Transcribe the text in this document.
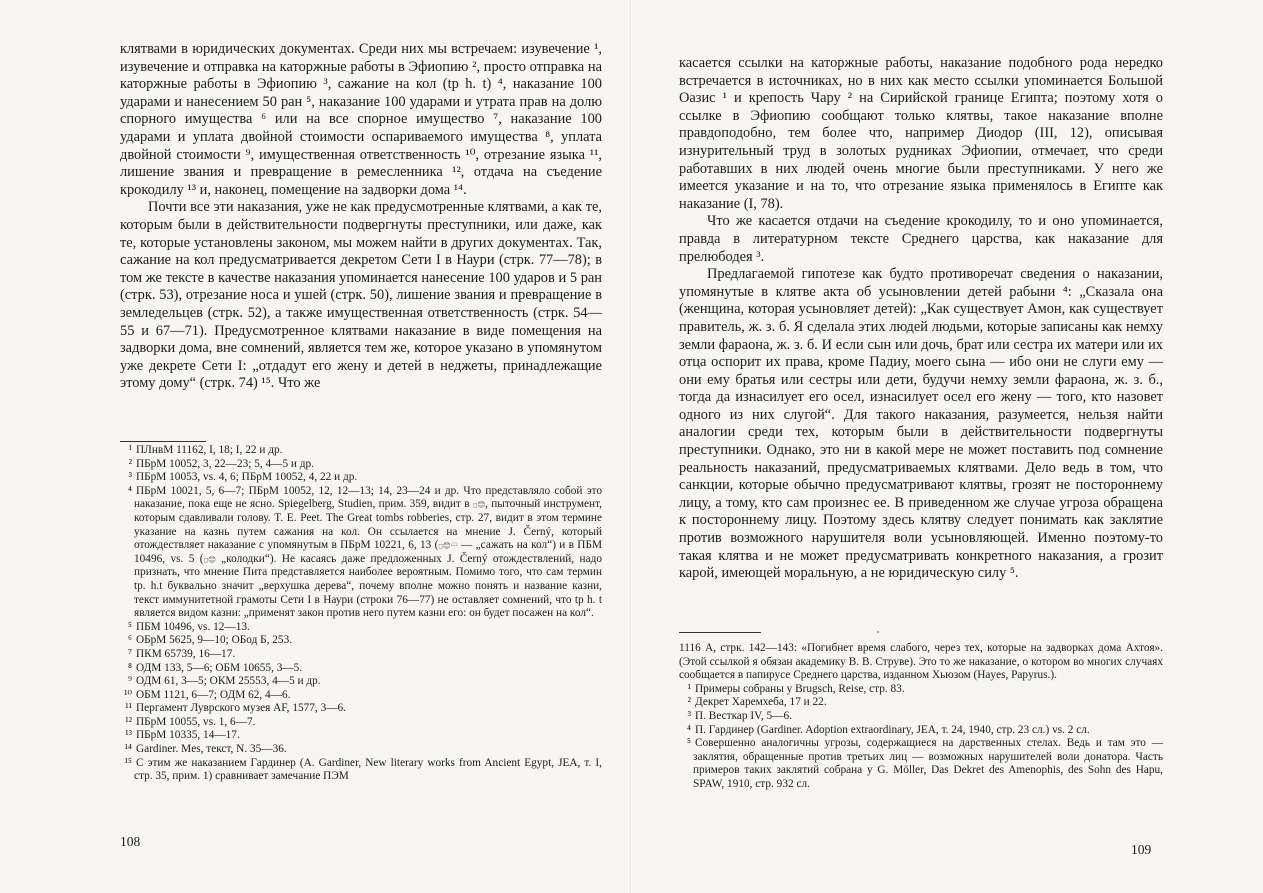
клятвами в юридических документах. Среди них мы встречаем: изувечение ¹, изувечение и отправка на каторжные работы в Эфиопию ², просто отправка на каторжные работы в Эфиопию ³, сажание на кол (tp h. t) ⁴, наказание 100 ударами и нанесением 50 ран ⁵, наказание 100 ударами и утрата прав на долю спорного имущества ⁶ или на все спорное имущество ⁷, наказание 100 ударами и уплата двойной стоимости оспариваемого имущества ⁸, уплата двойной стоимости ⁹, имущественная ответственность ¹⁰, отрезание языка ¹¹, лишение звания и превращение в ремесленника ¹², отдача на съедение крокодилу ¹³ и, наконец, помещение на задворки дома ¹⁴.

Почти все эти наказания, уже не как предусмотренные клятвами, а как те, которым были в действительности подвергнуты преступники, или даже, как те, которые установлены законом, мы можем найти в других документах. Так, сажание на кол предусматривается декретом Сети I в Наури (стрк. 77—78); в том же тексте в качестве наказания упоминается нанесение 100 ударов и 5 ран (стрк. 53), отрезание носа и ушей (стрк. 50), лишение звания и превращение в земледельцев (стрк. 52), а также имущественная ответственность (стрк. 54—55 и 67—71). Предусмотренное клятвами наказание в виде помещения на задворки дома, вне сомнений, является тем же, которое указано в упомянутом уже декрете Сети I: „отдадут его жену и детей в неджеты, принадлежащие этому дому“ (стрк. 74) ¹⁵. Что же

¹ ПЛнвМ 11162, I, 18; I, 22 и др.

² ПБрМ 10052, 3, 22—23; 5, 4—5 и др.

³ ПБрМ 10053, vs. 4, 6; ПБрМ 10052, 4, 22 и др.

⁴ ПБрМ 10021, 5, 6—7; ПБрМ 10052, 12, 12—13; 14, 23—24 и др. Что представляло собой это наказание, пока еще не ясно. Spiegelberg, Studien, прим. 359, видит в 𓊪𓐍, пыточный инструмент, которым сдавливали голову. T. E. Peet. The Great tombs robberies, стр. 27, видит в этом термине указание на казнь путем сажания на кол. Он ссылается на мнение J. Černý, который отождествляет наказание с упомянутым в ПБрМ 10221, 6, 13 (𓊪𓐍𓏏 — „сажать на кол“) и в ПБМ 10496, vs. 5 (𓊪𓐍 „колодки“). Не касаясь даже предложенных J. Černý отождествлений, надо признать, что мнение Пита представляется наиболее вероятным. Помимо того, что сам термин tp. h.t буквально значит „верхушка дерева“, почему вполне можно понять и название казни, текст иммунитетной грамоты Сети I в Наури (строки 76—77) не оставляет сомнений, что tp h. t является видом казни: „применят закон против него путем казни его: он будет посажен на кол“.

⁵ ПБМ 10496, vs. 12—13.

⁶ ОБрМ 5625, 9—10; ОБод Б, 253.

⁷ ПКМ 65739, 16—17.

⁸ ОДМ 133, 5—6; ОБМ 10655, 3—5.

⁹ ОДМ 61, 3—5; ОКМ 25553, 4—5 и др.

¹⁰ ОБМ 1121, 6—7; ОДМ 62, 4—6.

¹¹ Пергамент Луврского музея AF, 1577, 3—6.

¹² ПБрМ 10055, vs. 1, 6—7.

¹³ ПБрМ 10335, 14—17.

¹⁴ Gardiner. Mes, текст, N. 35—36.

¹⁵ С этим же наказанием Гардинер (A. Gardiner, New literary works from Ancient Egypt, JEA, т. I, стр. 35, прим. 1) сравнивает замечание ПЭМ

108

касается ссылки на каторжные работы, наказание подобного рода нередко встречается в источниках, но в них как место ссылки упоминается Большой Оазис ¹ и крепость Чару ² на Сирийской границе Египта; поэтому хотя о ссылке в Эфиопию сообщают только клятвы, такое наказание вполне правдоподобно, тем более что, например Диодор (III, 12), описывая изнурительный труд в золотых рудниках Эфиопии, отмечает, что среди работавших в них людей очень многие были преступниками. У него же имеется указание и на то, что отрезание языка применялось в Египте как наказание (I, 78).

Что же касается отдачи на съедение крокодилу, то и оно упоминается, правда в литературном тексте Среднего царства, как наказание для прелюбодея ³.

Предлагаемой гипотезе как будто противоречат сведения о наказании, упомянутые в клятве акта об усыновлении детей рабыни ⁴: „Сказала она (женщина, которая усыновляет детей): „Как существует Амон, как существует правитель, ж. з. б. Я сделала этих людей людьми, которые записаны как немху земли фараона, ж. з. б. И если сын или дочь, брат или сестра их матери или их отца оспорит их права, кроме Падиу, моего сына — ибо они не слуги ему — они ему братья или сестры или дети, будучи немху земли фараона, ж. з. б., тогда да изнасилует его осел, изнасилует осел его жену — того, кто назовет одного из них слугой“. Для такого наказания, разумеется, нельзя найти аналогии среди тех, которым были в действительности подвергнуты преступники. Однако, это ни в какой мере не может поставить под сомнение реальность наказаний, предусматриваемых клятвами. Дело ведь в том, что санкции, которые обычно предусматривают клятвы, грозят не постороннему лицу, а тому, кто сам произнес ее. В приведенном же случае угроза обращена к постороннему лицу. Поэтому здесь клятву следует понимать как заклятие против возможного нарушителя воли усыновляющей. Именно поэтому-то такая клятва и не может предусматривать конкретного наказания, а грозит карой, имеющей моральную, а не юридическую силу ⁵.

1116 А, стрк. 142—143: «Погибнет время слабого, через тех, которые на задворках дома Ахтоя». (Этой ссылкой я обязан академику В. В. Струве). Это то же наказание, о котором во многих случаях сообщается в папирусе Среднего царства, изданном Хьюзом (Hayes, Papyrus.).

¹ Примеры собраны у Brugsch, Reise, стр. 83.

² Декрет Харемхеба, 17 и 22.

³ П. Весткар IV, 5—6.

⁴ П. Гардинер (Gardiner. Adoption extraordinary, JEA, т. 24, 1940, стр. 23 сл.) vs. 2 сл.

⁵ Совершенно аналогичны угрозы, содержащиеся на дарственных стелах. Ведь и там это — заклятия, обращенные против третьих лиц — возможных нарушителей воли донатора. Часть примеров таких заклятий собрана у G. Möller, Das Dekret des Amenophis, des Sohn des Hapu, SPAW, 1910, стр. 932 сл.

109
